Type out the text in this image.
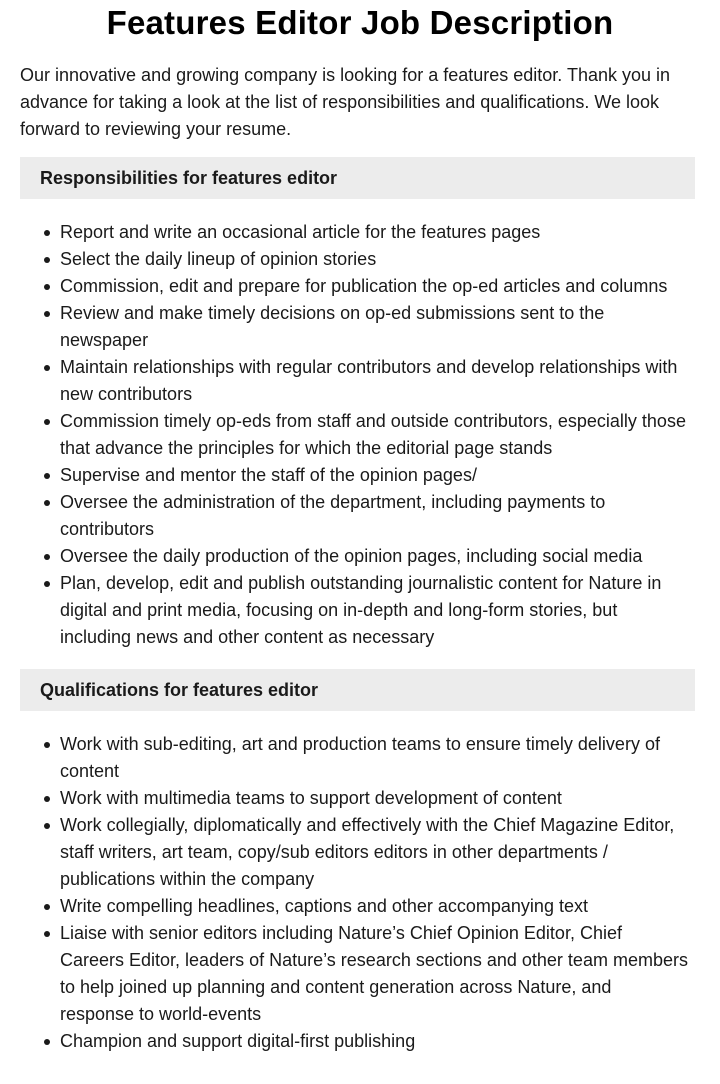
Features Editor Job Description

Our innovative and growing company is looking for a features editor. Thank you in advance for taking a look at the list of responsibilities and qualifications. We look forward to reviewing your resume.

Responsibilities for features editor
Report and write an occasional article for the features pages
Select the daily lineup of opinion stories
Commission, edit and prepare for publication the op-ed articles and columns
Review and make timely decisions on op-ed submissions sent to the newspaper
Maintain relationships with regular contributors and develop relationships with new contributors
Commission timely op-eds from staff and outside contributors, especially those that advance the principles for which the editorial page stands
Supervise and mentor the staff of the opinion pages/
Oversee the administration of the department, including payments to contributors
Oversee the daily production of the opinion pages, including social media
Plan, develop, edit and publish outstanding journalistic content for Nature in digital and print media, focusing on in-depth and long-form stories, but including news and other content as necessary
Qualifications for features editor
Work with sub-editing, art and production teams to ensure timely delivery of content
Work with multimedia teams to support development of content
Work collegially, diplomatically and effectively with the Chief Magazine Editor, staff writers, art team, copy/sub editors editors in other departments / publications within the company
Write compelling headlines, captions and other accompanying text
Liaise with senior editors including Nature’s Chief Opinion Editor, Chief Careers Editor, leaders of Nature’s research sections and other team members to help joined up planning and content generation across Nature, and response to world-events
Champion and support digital-first publishing
